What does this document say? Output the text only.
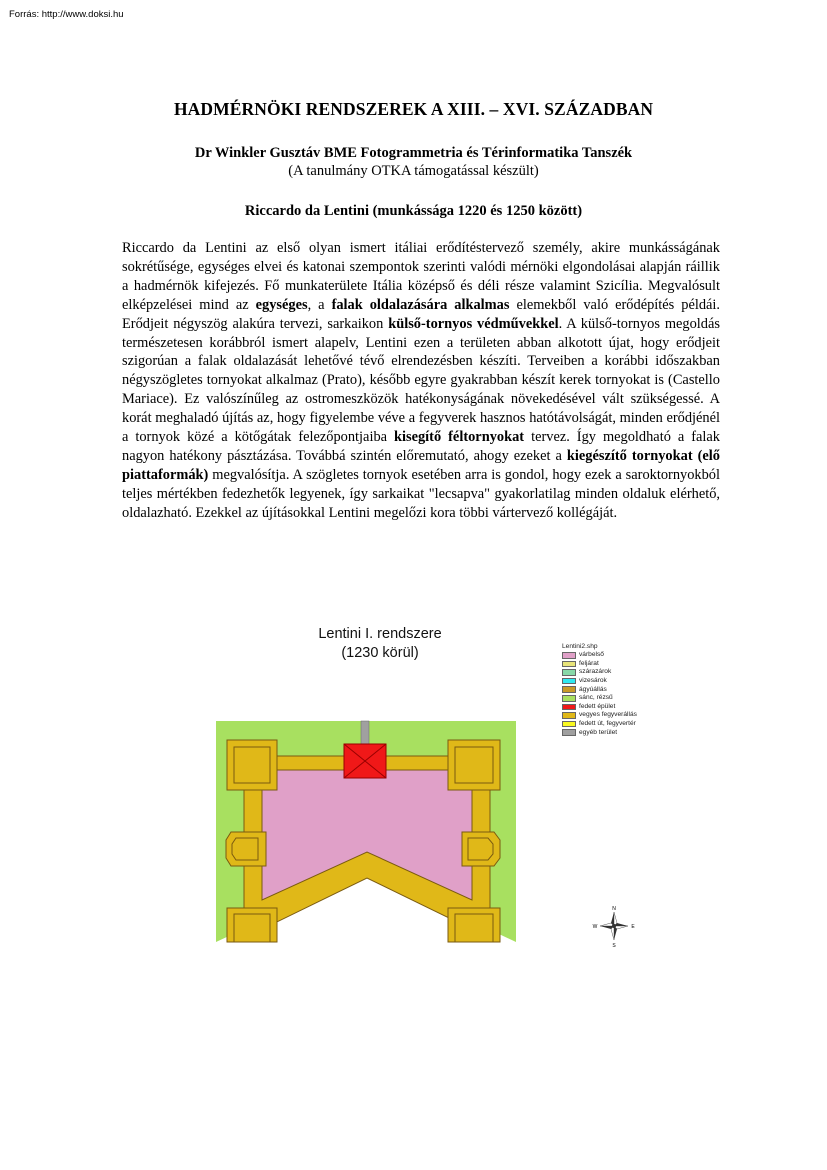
Forrás: http://www.doksi.hu
HADMÉRNÖKI RENDSZEREK A XIII. – XVI. SZÁZADBAN
Dr Winkler Gusztáv BME Fotogrammetria és Térinformatika Tanszék
(A tanulmány OTKA támogatással készült)
Riccardo da Lentini (munkássága 1220 és 1250 között)
Riccardo da Lentini az első olyan ismert itáliai erődítéstervező személy, akire munkásságának sokrétűsége, egységes elvei és katonai szempontok szerinti valódi mérnöki elgondolásai alapján ráillik a hadmérnök kifejezés. Fő munkaterülete Itália középső és déli része valamint Szicília. Megvalósult elképzelései mind az egységes, a falak oldalazására alkalmas elemekből való erődépítés példái. Erődjeit négyszög alakúra tervezi, sarkaikon külső-tornyos védművekkel. A külső-tornyos megoldás természetesen korábbról ismert alapelv, Lentini ezen a területen abban alkotott újat, hogy erődjeit szigorúan a falak oldalazását lehetővé tévő elrendezésben készíti. Terveiben a korábbi időszakban négyszögletes tornyokat alkalmaz (Prato), később egyre gyakrabban készít kerek tornyokat is (Castello Mariace). Ez valószínűleg az ostromeszközök hatékonyságának növekedésével vált szükségessé. A korát meghaladó újítás az, hogy figyelembe véve a fegyverek hasznos hatótávolságát, minden erődjénél a tornyok közé a kötőgátak felezőpontjaiba kisegítő féltornyokat tervez. Így megoldható a falak nagyon hatékony pásztázása. Továbbá szintén előremutató, ahogy ezeket a kiegészítő tornyokat (elő piattaformák) megvalósítja. A szögletes tornyok esetében arra is gondol, hogy ezek a saroktornyokból teljes mértékben fedezhetők legyenek, így sarkaikat "lecsapva" gyakorlatilag minden oldaluk elérhető, oldalazható. Ezekkel az újításokkal Lentini megelőzi kora többi vártervező kollégáját.
Lentini I. rendszere
(1230 körül)	Lentini2.shp
várbelső
feljárat
szárazárok
vizesárok
ágyúállás
sánc, rézsű
fedett épület
vegyes fegyverállás
fedett út, fegyvertér
egyéb terület
N
S
E
W
